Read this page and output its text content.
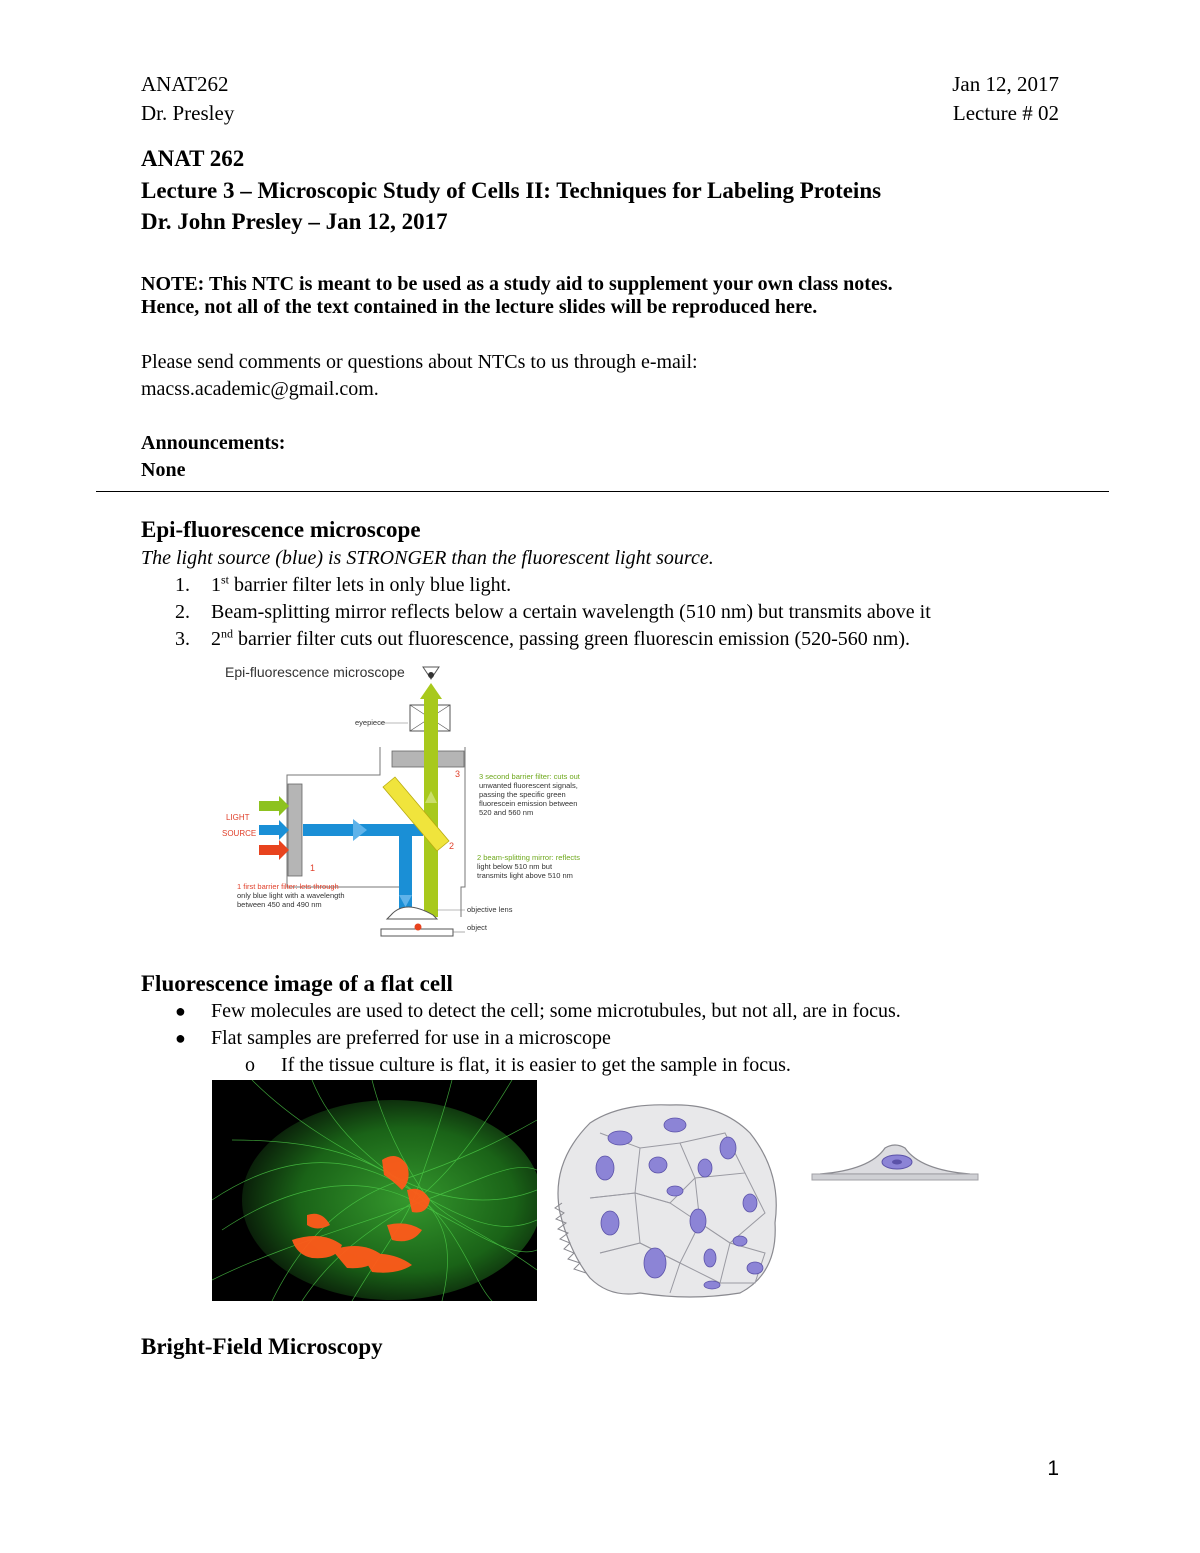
ANAT262
Dr. Presley
Jan 12, 2017
Lecture # 02
ANAT 262
Lecture 3 – Microscopic Study of Cells II: Techniques for Labeling Proteins
Dr. John Presley – Jan 12, 2017
NOTE: This NTC is meant to be used as a study aid to supplement your own class notes.
Hence, not all of the text contained in the lecture slides will be reproduced here.
Please send comments or questions about NTCs to us through e-mail:
macss.academic@gmail.com.
Announcements:
None
Epi-fluorescence microscope
The light source (blue) is STRONGER than the fluorescent light source.
1.	1st barrier filter lets in only blue light.
2.	Beam-splitting mirror reflects below a certain wavelength (510 nm) but transmits above it
3.	2nd barrier filter cuts out fluorescence, passing green fluorescin emission (520-560 nm).
Epi-fluorescence microscope
eyepiece
LIGHT
SOURCE
objective lens
object
3
2
1
3 second barrier filter: cuts out
unwanted fluorescent signals,
passing the specific green
fluorescein emission between
520 and 560 nm
2 beam-splitting mirror: reflects
light below 510 nm but
transmits light above 510 nm
1 first barrier filter: lets through
only blue light with a wavelength
between 450 and 490 nm
Fluorescence image of a flat cell
● Few molecules are used to detect the cell; some microtubules, but not all, are in focus.
● Flat samples are preferred for use in a microscope
o	If the tissue culture is flat, it is easier to get the sample in focus.
Bright-Field Microscopy
1
